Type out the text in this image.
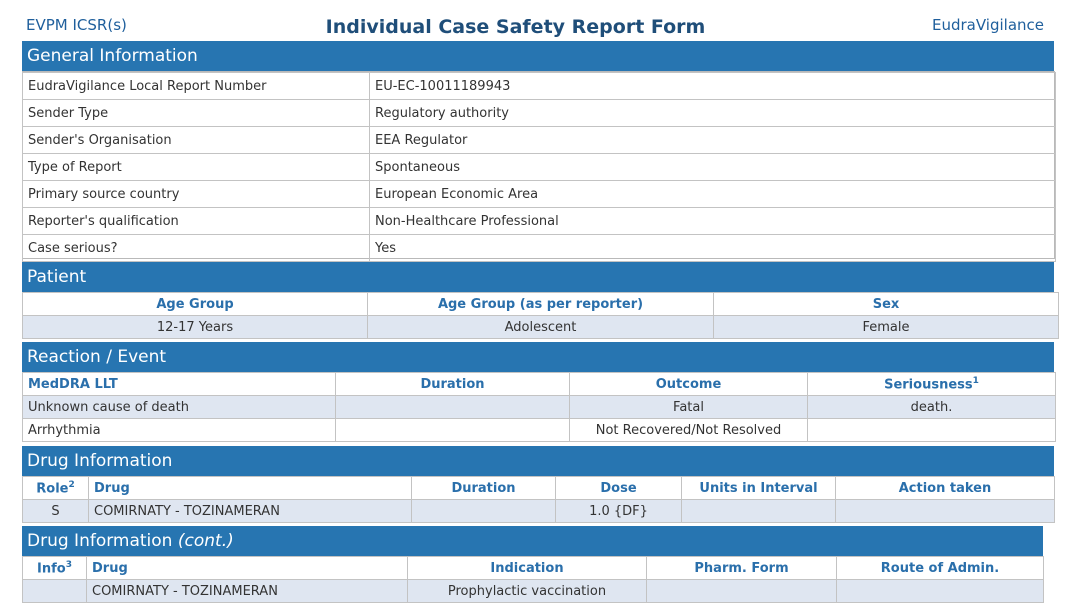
EVPM ICSR(s)	Individual Case Safety Report Form	EudraVigilance
General Information
EudraVigilance Local Report Number	EU-EC-10011189943
Sender Type	Regulatory authority
Sender's Organisation	EEA Regulator
Type of Report	Spontaneous
Primary source country	European Economic Area
Reporter's qualification	Non-Healthcare Professional
Case serious?	Yes
Patient
Age Group	Age Group (as per reporter)	Sex
12-17 Years	Adolescent	Female
Reaction / Event
MedDRA LLT	Duration	Outcome	Seriousness$^1$
Unknown cause of death		Fatal	death.
Arrhythmia		Not Recovered/Not Resolved	
Drug Information
Role$^2$	Drug	Duration	Dose	Units in Interval	Action taken
S	COMIRNATY - TOZINAMERAN		1.0 {DF}		
Drug Information (cont.)
Info$^3$	Drug	Indication	Pharm. Form	Route of Admin.
	COMIRNATY - TOZINAMERAN	Prophylactic vaccination		
